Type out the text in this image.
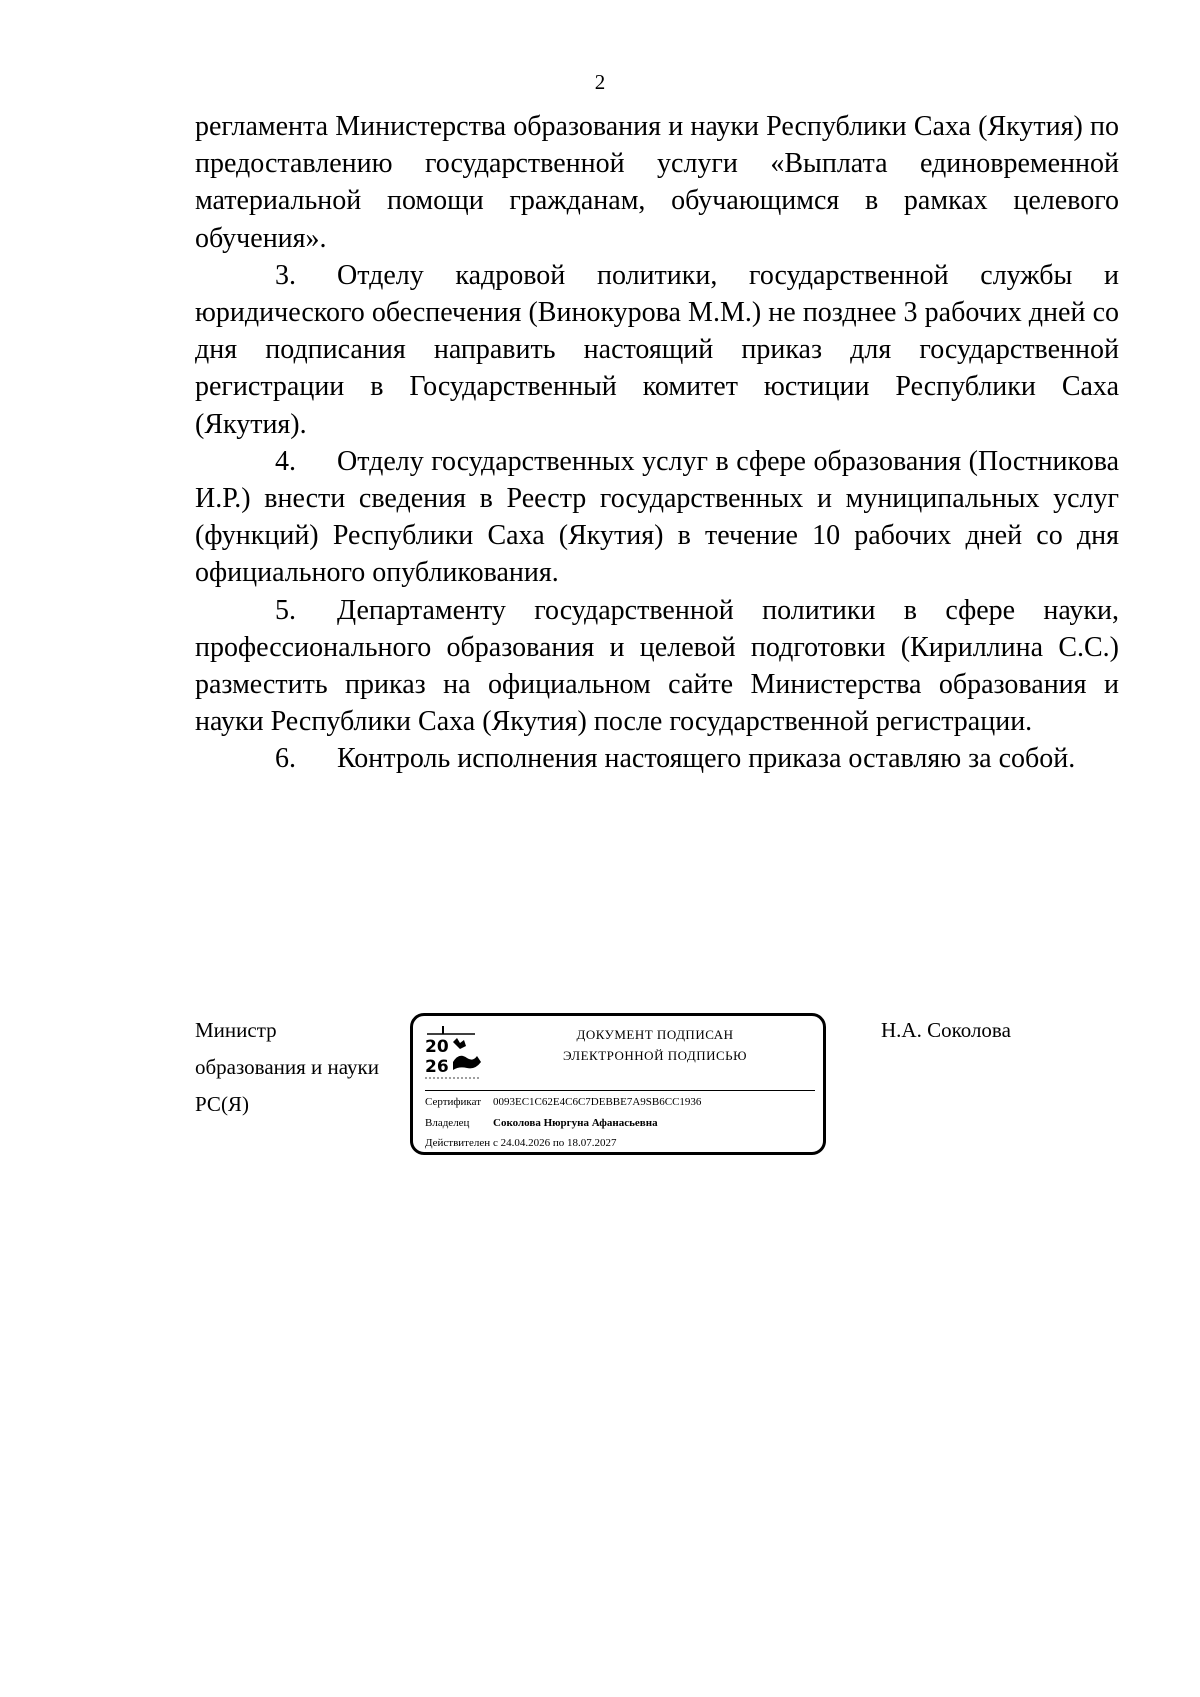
2

регламента Министерства образования и науки Республики Саха (Якутия) по предоставлению государственной услуги «Выплата единовременной материальной помощи гражданам, обучающимся в рамках целевого обучения».

3. Отделу кадровой политики, государственной службы и юридического обеспечения (Винокурова М.М.) не позднее 3 рабочих дней со дня подписания направить настоящий приказ для государственной регистрации в Государственный комитет юстиции Республики Саха (Якутия).

4. Отделу государственных услуг в сфере образования (Постникова И.Р.) внести сведения в Реестр государственных и муниципальных услуг (функций) Республики Саха (Якутия) в течение 10 рабочих дней со дня официального опубликования.

5. Департаменту государственной политики в сфере науки, профессионального образования и целевой подготовки (Кириллина С.С.) разместить приказ на официальном сайте Министерства образования и науки Республики Саха (Якутия) после государственной регистрации.

6. Контроль исполнения настоящего приказа оставляю за собой.

Министр
образования и науки
РС(Я)
20
26
ДОКУМЕНТ ПОДПИСАН
ЭЛЕКТРОННОЙ ПОДПИСЬЮ
Сертификат 0093EC1C62E4C6C7DEBBE7A9SB6CC1936
Владелец Соколова Нюргуна Афанасьевна
Действителен с 24.04.2026 по 18.07.2027
Н.А. Соколова
